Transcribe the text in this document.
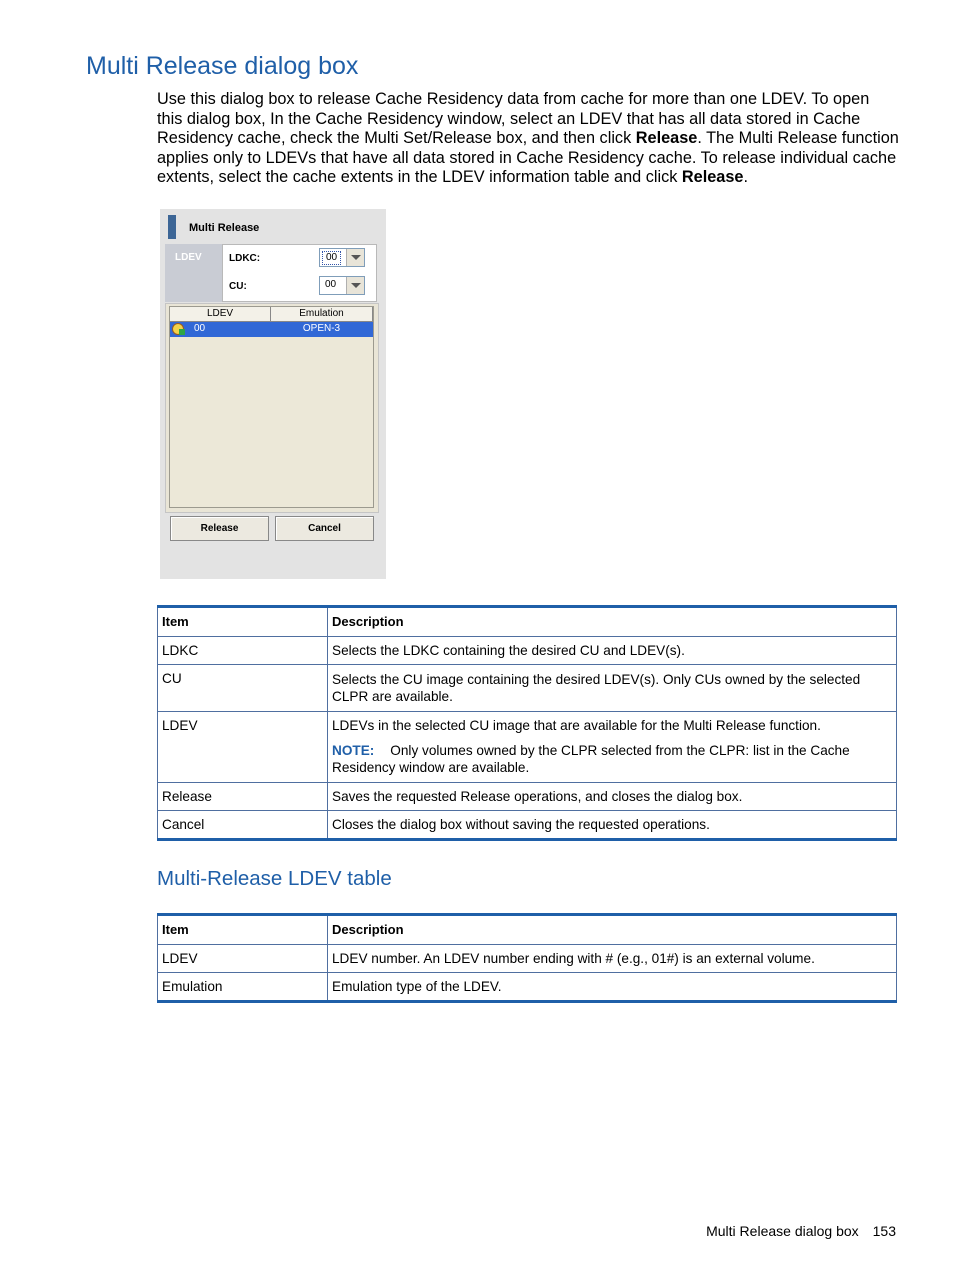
Multi Release dialog box

Use this dialog box to release Cache Residency data from cache for more than one LDEV. To open this dialog box, In the Cache Residency window, select an LDEV that has all data stored in Cache Residency cache, check the Multi Set/Release box, and then click Release. The Multi Release function applies only to LDEVs that have all data stored in Cache Residency cache. To release individual cache extents, select the cache extents in the LDEV information table and click Release.

Multi Release
LDEV	LDKC:	00
CU:	00
LDEV	Emulation
00	OPEN-3
Release	Cancel
Item	Description
LDKC	Selects the LDKC containing the desired CU and LDEV(s).
CU	Selects the CU image containing the desired LDEV(s). Only CUs owned by the selected CLPR are available.
LDEV	LDEVs in the selected CU image that are available for the Multi Release function.
NOTE: Only volumes owned by the CLPR selected from the CLPR: list in the Cache Residency window are available.

Release	Saves the requested Release operations, and closes the dialog box.
Cancel	Closes the dialog box without saving the requested operations.
Multi-Release LDEV table
Item	Description
LDEV	LDEV number. An LDEV number ending with # (e.g., 01#) is an external volume.
Emulation	Emulation type of the LDEV.
Multi Release dialog box 153
